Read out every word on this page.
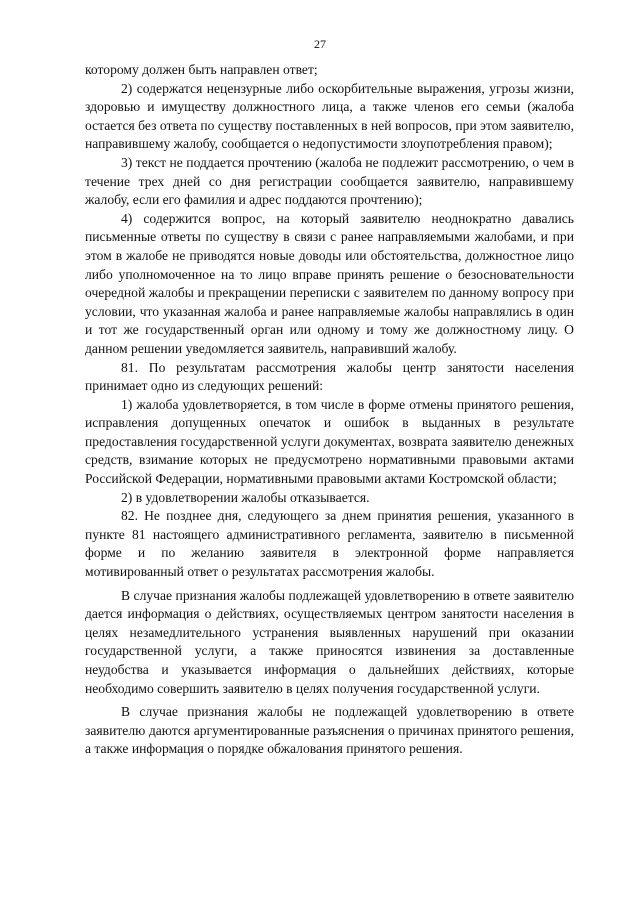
27

которому должен быть направлен ответ;

2) содержатся нецензурные либо оскорбительные выражения, угрозы жизни, здоровью и имуществу должностного лица, а также членов его семьи (жалоба остается без ответа по существу поставленных в ней вопросов, при этом заявителю, направившему жалобу, сообщается о недопустимости злоупотребления правом);

3) текст не поддается прочтению (жалоба не подлежит рассмотрению, о чем в течение трех дней со дня регистрации сообщается заявителю, направившему жалобу, если его фамилия и адрес поддаются прочтению);

4) содержится вопрос, на который заявителю неоднократно давались письменные ответы по существу в связи с ранее направляемыми жалобами, и при этом в жалобе не приводятся новые доводы или обстоятельства, должностное лицо либо уполномоченное на то лицо вправе принять решение о безосновательности очередной жалобы и прекращении переписки с заявителем по данному вопросу при условии, что указанная жалоба и ранее направляемые жалобы направлялись в один и тот же государственный орган или одному и тому же должностному лицу. О данном решении уведомляется заявитель, направивший жалобу.

81. По результатам рассмотрения жалобы центр занятости населения принимает одно из следующих решений:

1) жалоба удовлетворяется, в том числе в форме отмены принятого решения, исправления допущенных опечаток и ошибок в выданных в результате предоставления государственной услуги документах, возврата заявителю денежных средств, взимание которых не предусмотрено нормативными правовыми актами Российской Федерации, нормативными правовыми актами Костромской области;

2) в удовлетворении жалобы отказывается.

82. Не позднее дня, следующего за днем принятия решения, указанного в пункте 81 настоящего административного регламента, заявителю в письменной форме и по желанию заявителя в электронной форме направляется мотивированный ответ о результатах рассмотрения жалобы.

В случае признания жалобы подлежащей удовлетворению в ответе заявителю дается информация о действиях, осуществляемых центром занятости населения в целях незамедлительного устранения выявленных нарушений при оказании государственной услуги, а также приносятся извинения за доставленные неудобства и указывается информация о дальнейших действиях, которые необходимо совершить заявителю в целях получения государственной услуги.

В случае признания жалобы не подлежащей удовлетворению в ответе заявителю даются аргументированные разъяснения о причинах принятого решения, а также информация о порядке обжалования принятого решения.
